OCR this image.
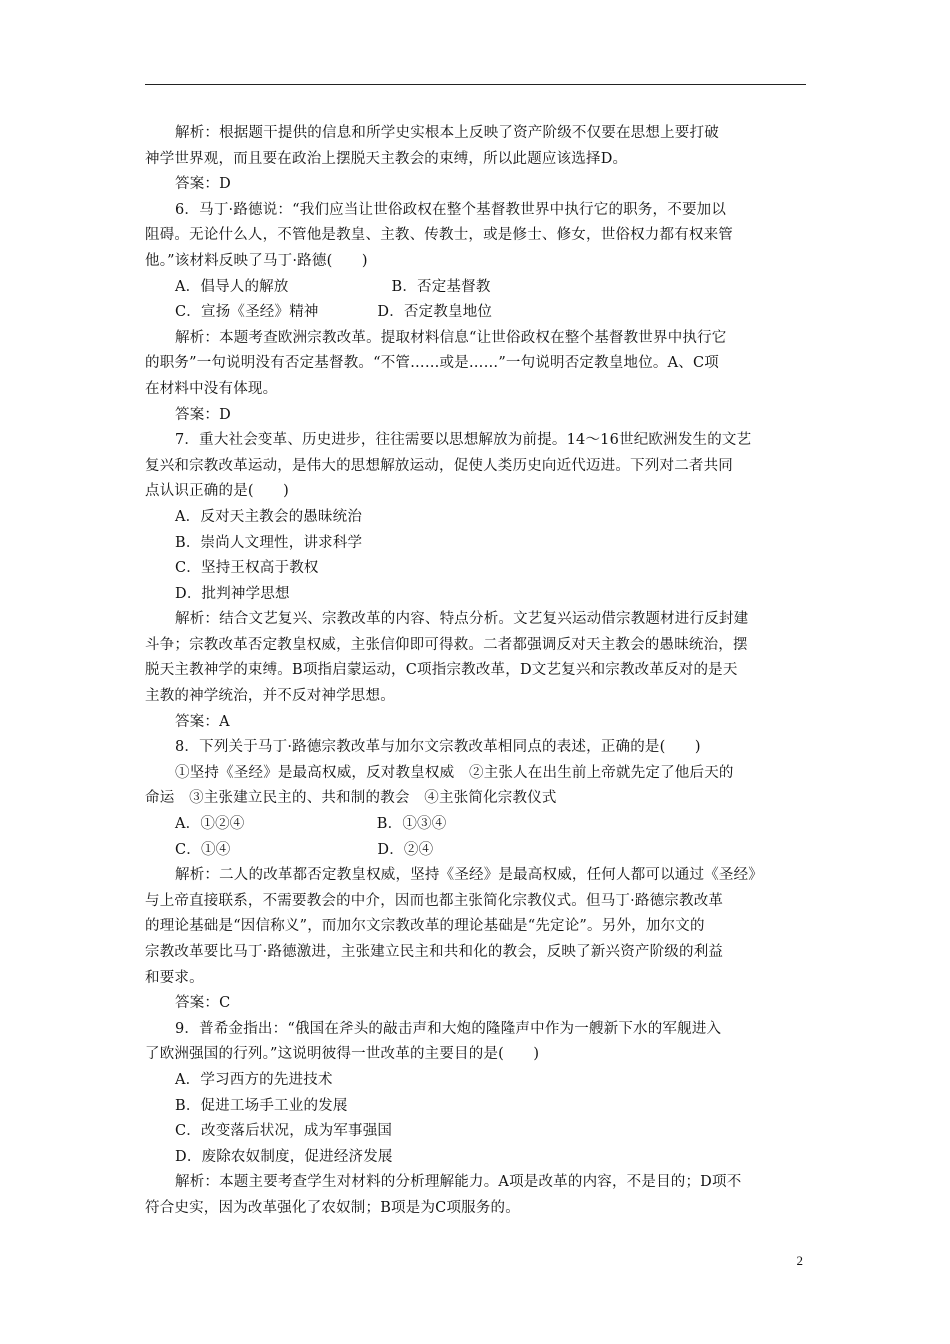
解析：根据题干提供的信息和所学史实根本上反映了资产阶级不仅要在思想上要打破

神学世界观，而且要在政治上摆脱天主教会的束缚，所以此题应该选择D。

答案：D

6．马丁·路德说：“我们应当让世俗政权在整个基督教世界中执行它的职务，不要加以

阻碍。无论什么人，不管他是教皇、主教、传教士，或是修士、修女，世俗权力都有权来管

他。”该材料反映了马丁·路德(　　)

A．倡导人的解放　　　　　　　B．否定基督教

C．宣扬《圣经》精神　　　　D．否定教皇地位

解析：本题考查欧洲宗教改革。提取材料信息“让世俗政权在整个基督教世界中执行它

的职务”一句说明没有否定基督教。“不管……或是……”一句说明否定教皇地位。A、C项

在材料中没有体现。

答案：D

7．重大社会变革、历史进步，往往需要以思想解放为前提。14～16世纪欧洲发生的文艺

复兴和宗教改革运动，是伟大的思想解放运动，促使人类历史向近代迈进。下列对二者共同

点认识正确的是(　　)

A．反对天主教会的愚昧统治

B．崇尚人文理性，讲求科学

C．坚持王权高于教权

D．批判神学思想

解析：结合文艺复兴、宗教改革的内容、特点分析。文艺复兴运动借宗教题材进行反封建

斗争；宗教改革否定教皇权威，主张信仰即可得救。二者都强调反对天主教会的愚昧统治，摆

脱天主教神学的束缚。B项指启蒙运动，C项指宗教改革，D文艺复兴和宗教改革反对的是天

主教的神学统治，并不反对神学思想。

答案：A

8．下列关于马丁·路德宗教改革与加尔文宗教改革相同点的表述，正确的是(　　)

①坚持《圣经》是最高权威，反对教皇权威　②主张人在出生前上帝就先定了他后天的

命运　③主张建立民主的、共和制的教会　④主张简化宗教仪式

A．①②④　　　　　　　　　B．①③④

C．①④　　　　　　　　　　D．②④

解析：二人的改革都否定教皇权威，坚持《圣经》是最高权威，任何人都可以通过《圣经》

与上帝直接联系，不需要教会的中介，因而也都主张简化宗教仪式。但马丁·路德宗教改革

的理论基础是“因信称义”，而加尔文宗教改革的理论基础是“先定论”。另外，加尔文的

宗教改革要比马丁·路德激进，主张建立民主和共和化的教会，反映了新兴资产阶级的利益

和要求。

答案：C

9．普希金指出：“俄国在斧头的敲击声和大炮的隆隆声中作为一艘新下水的军舰进入

了欧洲强国的行列。”这说明彼得一世改革的主要目的是(　　)

A．学习西方的先进技术

B．促进工场手工业的发展

C．改变落后状况，成为军事强国

D．废除农奴制度，促进经济发展

解析：本题主要考查学生对材料的分析理解能力。A项是改革的内容，不是目的；D项不

符合史实，因为改革强化了农奴制；B项是为C项服务的。

2
